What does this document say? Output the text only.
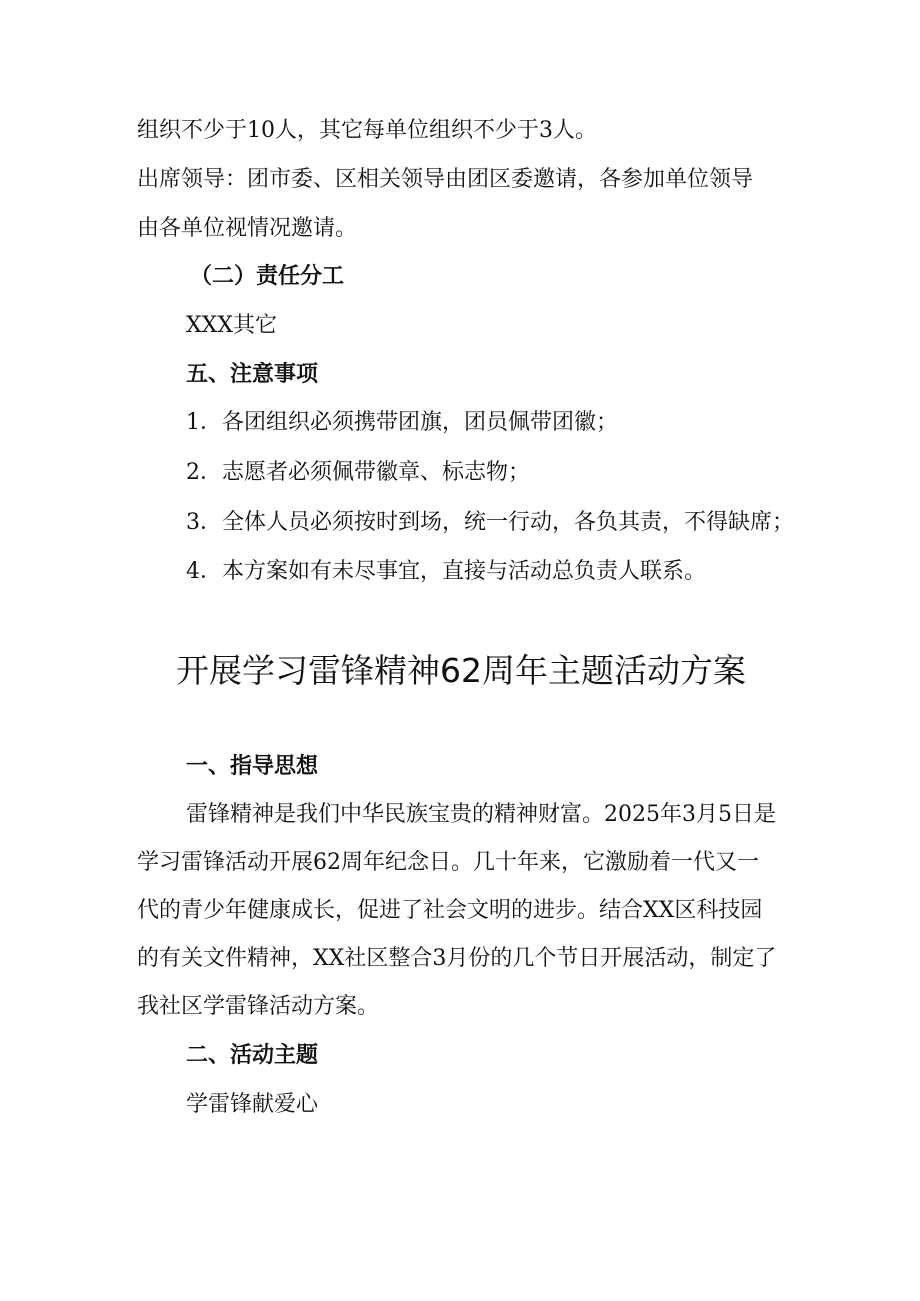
组织不少于10人，其它每单位组织不少于3人。

出席领导：团市委、区相关领导由团区委邀请，各参加单位领导

由各单位视情况邀请。

（二）责任分工

XXX其它

五、注意事项

1．各团组织必须携带团旗，团员佩带团徽；

2．志愿者必须佩带徽章、标志物；

3．全体人员必须按时到场，统一行动，各负其责，不得缺席；

4．本方案如有未尽事宜，直接与活动总负责人联系。

开展学习雷锋精神62周年主题活动方案

一、指导思想

雷锋精神是我们中华民族宝贵的精神财富。2025年3月5日是

学习雷锋活动开展62周年纪念日。几十年来，它激励着一代又一

代的青少年健康成长，促进了社会文明的进步。结合XX区科技园

的有关文件精神，XX社区整合3月份的几个节日开展活动，制定了

我社区学雷锋活动方案。

二、活动主题

学雷锋献爱心
